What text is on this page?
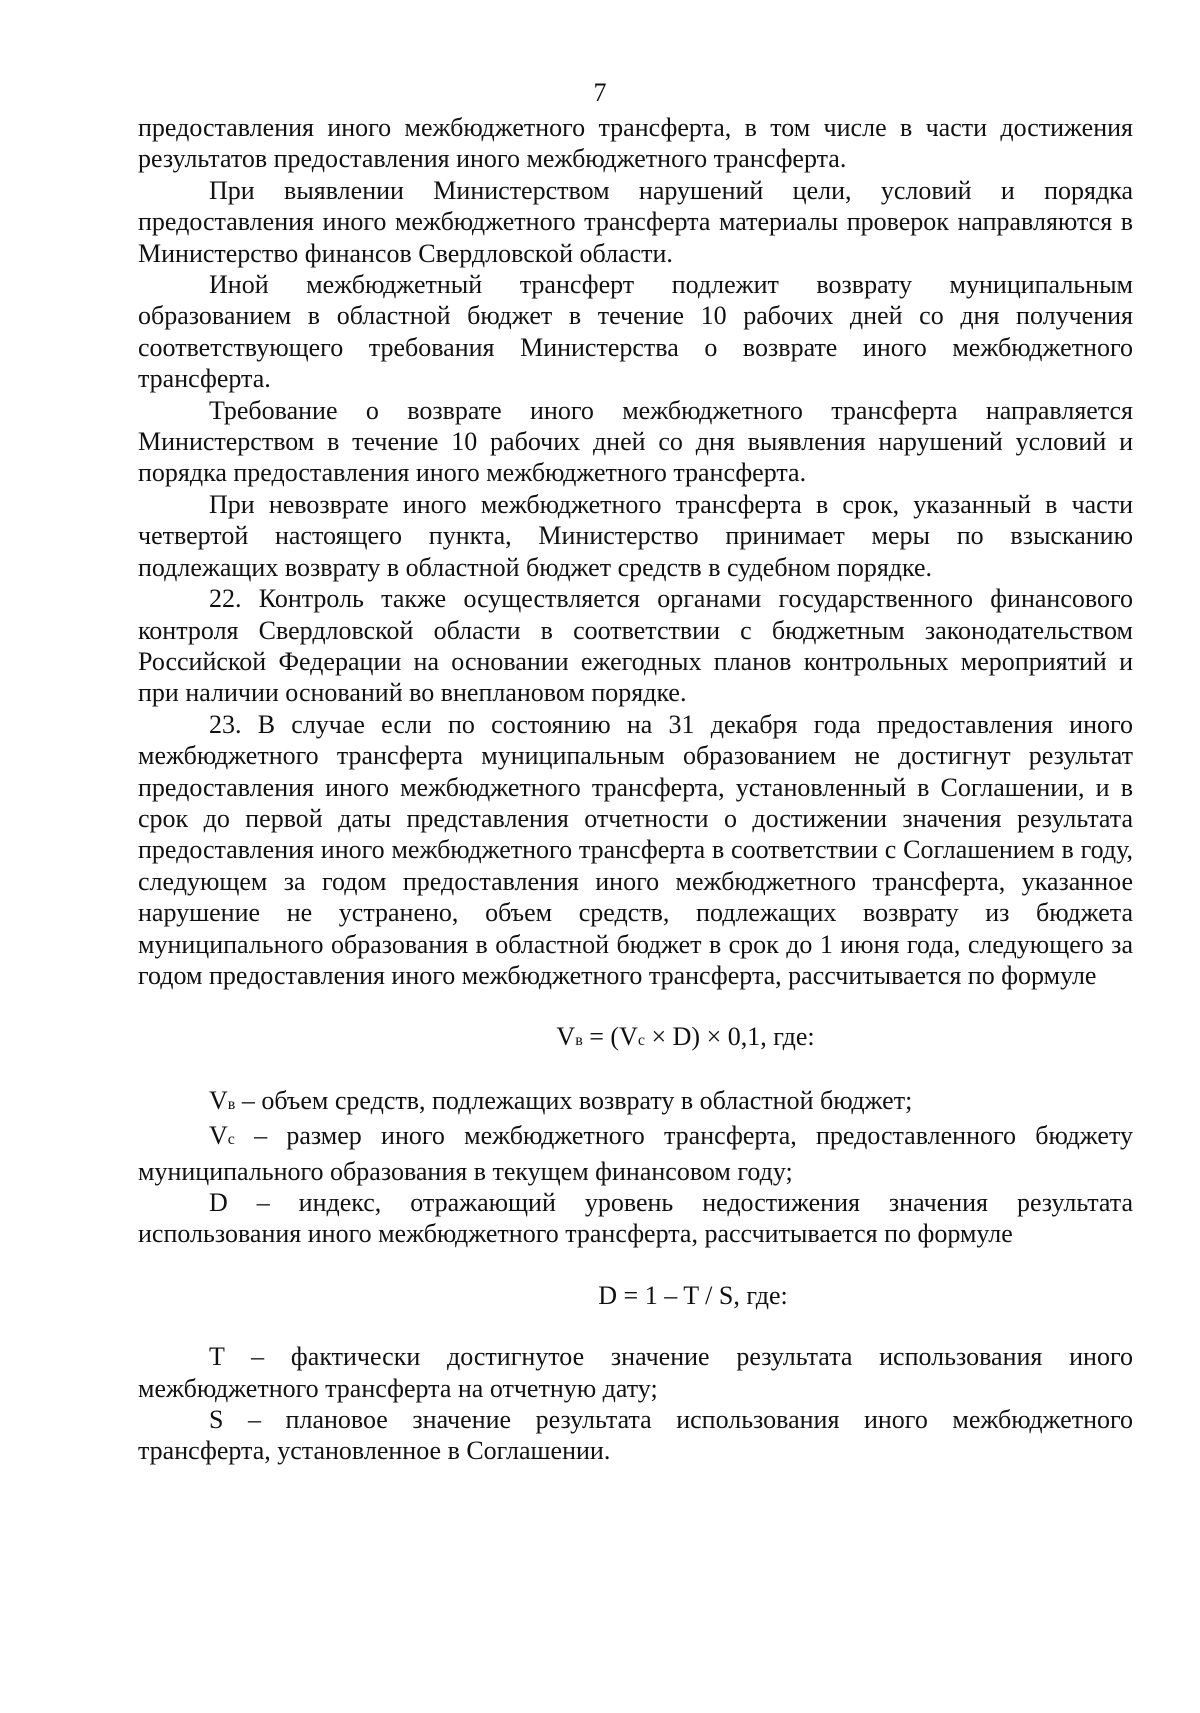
7

предоставления иного межбюджетного трансферта, в том числе в части достижения результатов предоставления иного межбюджетного трансферта.

При выявлении Министерством нарушений цели, условий и порядка предоставления иного межбюджетного трансферта материалы проверок направляются в Министерство финансов Свердловской области.

Иной межбюджетный трансферт подлежит возврату муниципальным образованием в областной бюджет в течение 10 рабочих дней со дня получения соответствующего требования Министерства о возврате иного межбюджетного трансферта.

Требование о возврате иного межбюджетного трансферта направляется Министерством в течение 10 рабочих дней со дня выявления нарушений условий и порядка предоставления иного межбюджетного трансферта.

При невозврате иного межбюджетного трансферта в срок, указанный в части четвертой настоящего пункта, Министерство принимает меры по взысканию подлежащих возврату в областной бюджет средств в судебном порядке.

22. Контроль также осуществляется органами государственного финансового контроля Свердловской области в соответствии с бюджетным законодательством Российской Федерации на основании ежегодных планов контрольных мероприятий и при наличии оснований во внеплановом порядке.

23. В случае если по состоянию на 31 декабря года предоставления иного межбюджетного трансферта муниципальным образованием не достигнут результат предоставления иного межбюджетного трансферта, установленный в Соглашении, и в срок до первой даты представления отчетности о достижении значения результата предоставления иного межбюджетного трансферта в соответствии с Соглашением в году, следующем за годом предоставления иного межбюджетного трансферта, указанное нарушение не устранено, объем средств, подлежащих возврату из бюджета муниципального образования в областной бюджет в срок до 1 июня года, следующего за годом предоставления иного межбюджетного трансферта, рассчитывается по формуле

Vв = (Vс × D) × 0,1, где:

Vв – объем средств, подлежащих возврату в областной бюджет;

Vс – размер иного межбюджетного трансферта, предоставленного бюджету муниципального образования в текущем финансовом году;

D – индекс, отражающий уровень недостижения значения результата использования иного межбюджетного трансферта, рассчитывается по формуле

D = 1 – T / S, где:

T – фактически достигнутое значение результата использования иного межбюджетного трансферта на отчетную дату;

S – плановое значение результата использования иного межбюджетного трансферта, установленное в Соглашении.
